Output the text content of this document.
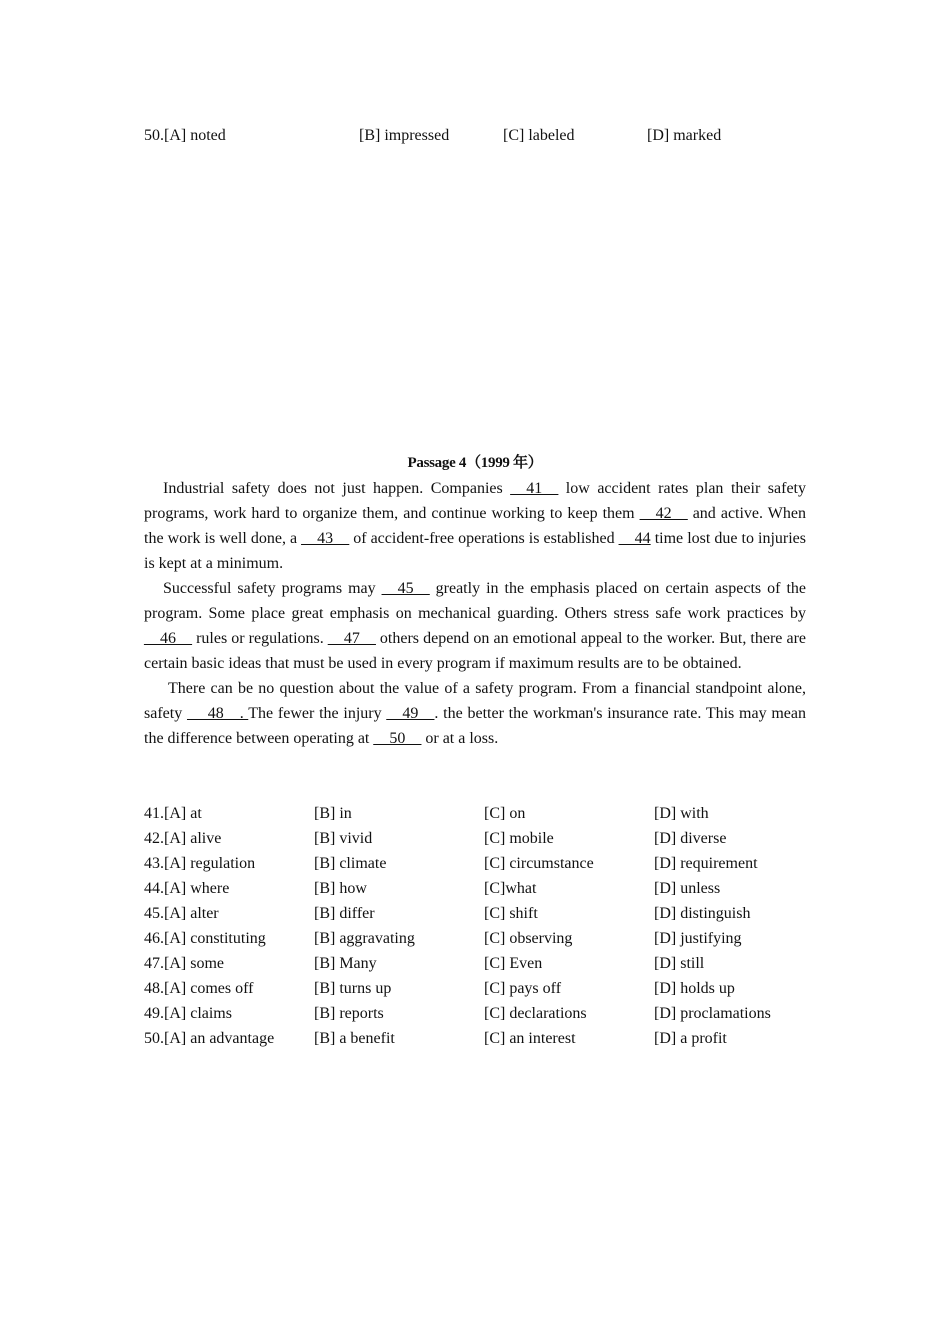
50.[A] noted	[B] impressed	[C] labeled	[D] marked
Passage 4（1999 年）

Industrial safety does not just happen. Companies __41__ low accident rates plan their safety programs, work hard to organize them, and continue working to keep them __42__ and active. When the work is well done, a __43__ of accident-free operations is established __44 time lost due to injuries is kept at a minimum.

Successful safety programs may __45__ greatly in the emphasis placed on certain aspects of the program. Some place great emphasis on mechanical guarding. Others stress safe work practices by __46__ rules or regulations. __47__ others depend on an emotional appeal to the worker. But, there are certain basic ideas that must be used in every program if maximum results are to be obtained.

There can be no question about the value of a safety program. From a financial standpoint alone, safety  __48__. The fewer the injury __49__. the better the workman's insurance rate. This may mean the difference between operating at __50__ or at a loss.

41.[A] at	[B] in	[C] on	[D] with
42.[A] alive	[B] vivid	[C] mobile	[D] diverse
43.[A] regulation	[B] climate	[C] circumstance	[D] requirement
44.[A] where	[B] how	[C]what	[D] unless
45.[A] alter	[B] differ	[C] shift	[D] distinguish
46.[A] constituting	[B] aggravating	[C] observing	[D] justifying
47.[A] some	[B] Many	[C] Even	[D] still
48.[A] comes off	[B] turns up	[C] pays off	[D] holds up
49.[A] claims	[B] reports	[C] declarations	[D] proclamations
50.[A] an advantage [B] a benefit	[C] an interest	[D] a profit
